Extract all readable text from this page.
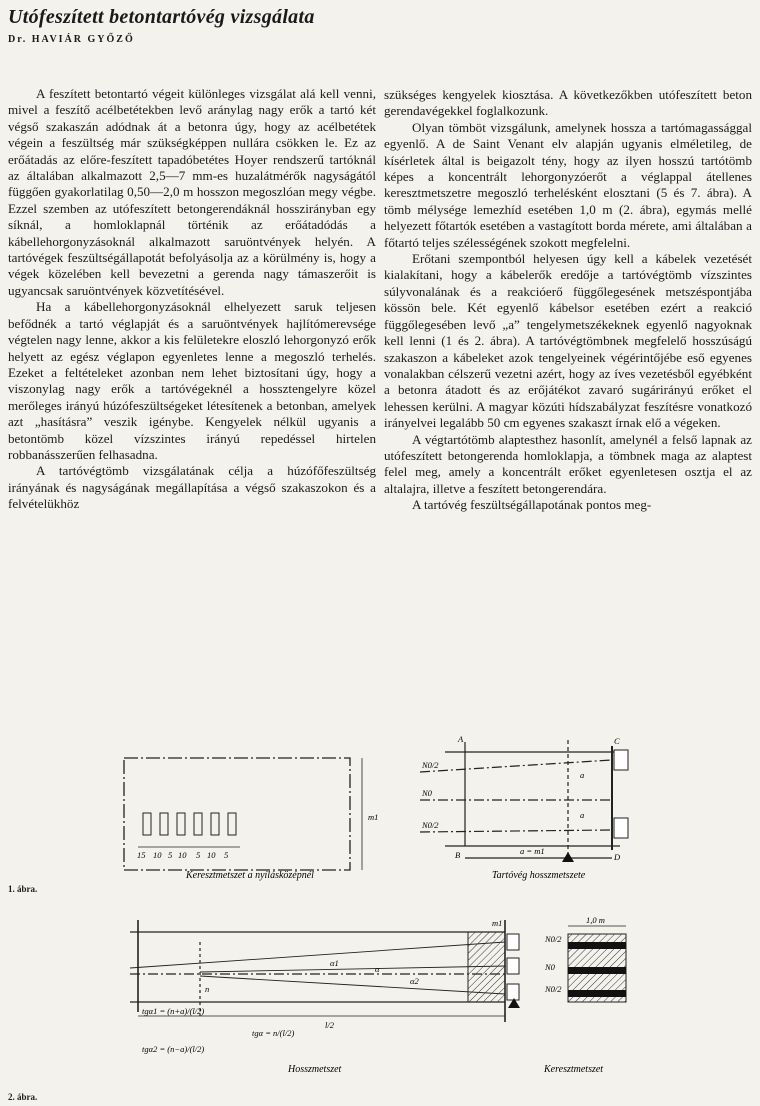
Utófeszített betontartóvég vizsgálata
Dr. HAVIÁR GYŐZŐ

A feszített betontartó végeit különleges vizsgálat alá kell venni, mivel a feszítő acélbetétekben levő aránylag nagy erők a tartó két végső szakaszán adódnak át a betonra úgy, hogy az acélbetétek végein a feszültség már szükségképpen nullára csökken le. Ez az erőátadás az előre-feszített tapadóbetétes Hoyer rendszerű tartóknál az általában alkalmazott 2,5—7 mm-es huzalátmérők nagyságától függően gyakorlatilag 0,50—2,0 m hosszon megoszlóan megy végbe. Ezzel szemben az utófeszített betongerendáknál hosszirányban egy síknál, a homloklapnál történik az erőátadódás a kábellehorgonyzásoknál alkalmazott saruöntvények helyén. A tartóvégek feszültségállapotát befolyásolja az a körülmény is, hogy a végek közelében kell bevezetni a gerenda nagy támaszerőit is ugyancsak saruöntvények közvetítésével.

Ha a kábellehorgonyzásoknál elhelyezett saruk teljesen befődnék a tartó véglapját és a saruöntvények hajlítómerevsége végtelen nagy lenne, akkor a kis felületekre eloszló lehorgonyzó erők helyett az egész véglapon egyenletes lenne a megoszló terhelés. Ezeket a feltételeket azonban nem lehet biztosítani úgy, hogy a viszonylag nagy erők a tartóvégeknél a hossztengelyre közel merőleges irányú húzófeszültségeket létesítenek a betonban, amelyek azt „hasításra” veszik igénybe. Kengyelek nélkül ugyanis a betontömb közel vízszintes irányú repedéssel hirtelen robbanásszerűen felhasadna.

A tartóvégtömb vizsgálatának célja a húzófőfeszültség irányának és nagyságának megállapítása a végső szakaszokon és a felvételükhöz

szükséges kengyelek kiosztása. A következőkben utófeszített beton gerendavégekkel foglalkozunk.

Olyan tömböt vizsgálunk, amelynek hossza a tartómagassággal egyenlő. A de Saint Venant elv alapján ugyanis elméletileg, de kísérletek által is beigazolt tény, hogy az ilyen hosszú tartótömb képes a koncentrált lehorgonyzóerőt a véglappal átellenes keresztmetszetre megoszló terhelésként elosztani (5 és 7. ábra). A tömb mélysége lemezhíd esetében 1,0 m (2. ábra), egymás mellé helyezett főtartók esetében a vastagított borda mérete, ami általában a főtartó teljes szélességének szokott megfelelni.

Erőtani szempontból helyesen úgy kell a kábelek vezetését kialakítani, hogy a kábelerők eredője a tartóvégtömb vízszintes súlyvonalának és a reakcióerő függőlegesének metszéspontjába kössön bele. Két egyenlő kábelsor esetében ezért a reakció függőlegesében levő „a” tengelymetszékeknek egyenlő nagyoknak kell lenni (1 és 2. ábra). A tartóvégtömbnek megfelelő hosszúságú szakaszon a kábeleket azok tengelyeinek végérintőjébe eső egyenes vonalakban célszerű vezetni azért, hogy az íves vezetésből egyébként a betonra átadott és az erőjátékot zavaró sugárirányú erőket el lehessen kerülni. A magyar közúti hídszabályzat feszítésre vonatkozó irányelvei legalább 50 cm egyenes szakaszt írnak elő a végeken.

A végtartótömb alaptesthez hasonlít, amelynél a felső lapnak az utófeszített betongerenda homloklapja, a tömbnek maga az alaptest felel meg, amely a koncentrált erőket egyenletesen osztja el az altalajra, illetve a feszített betongerendára.

A tartóvég feszültségállapotának pontos meg-

m1
15 10 5 10 5 10 5
Keresztmetszet a nyílásközépnél
A
B
C
D
N0/2
N0
N0/2
a
a
a = m1
Tartóvég hosszmetszete
1. ábra.
m1
N0/2
N0
N0/2
α1
α
α2
l/2
n
tgα1 = (n+a)/(l/2)
tgα2 = (n−a)/(l/2)
tgα = n/(l/2)
Hosszmetszet
1,0 m
Keresztmetszet
2. ábra.
